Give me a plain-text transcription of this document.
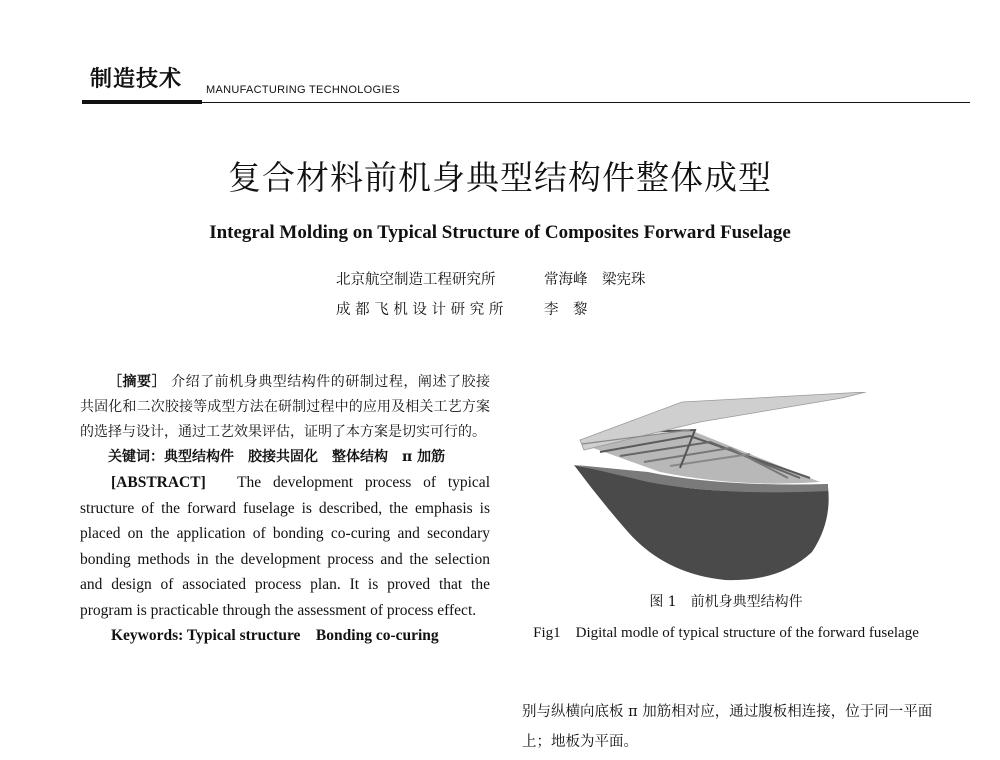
制造技术 MANUFACTURING TECHNOLOGIES
复合材料前机身典型结构件整体成型
Integral Molding on Typical Structure of Composites Forward Fuselage
北京航空制造工程研究所	常海峰　梁宪珠
成 都 飞 机 设 计 研 究 所	李　黎

［摘要］ 介绍了前机身典型结构件的研制过程，阐述了胶接共固化和二次胶接等成型方法在研制过程中的应用及相关工艺方案的选择与设计，通过工艺效果评估，证明了本方案是切实可行的。

关键词：典型结构件　胶接共固化　整体结构　π 加筋

[ABSTRACT]　The development process of typical structure of the forward fuselage is described, the emphasis is placed on the application of bonding co-curing and secondary bonding methods in the development process and the selection and design of associated process plan. It is proved that the program is practicable through the assessment of process effect.

Keywords: Typical structure　Bonding co-curing

图 1　前机身典型结构件
Fig1　Digital modle of typical structure of the forward fuselage
别与纵横向底板 π 加筋相对应，通过腹板相连接，位于同一平面上；地板为平面。
